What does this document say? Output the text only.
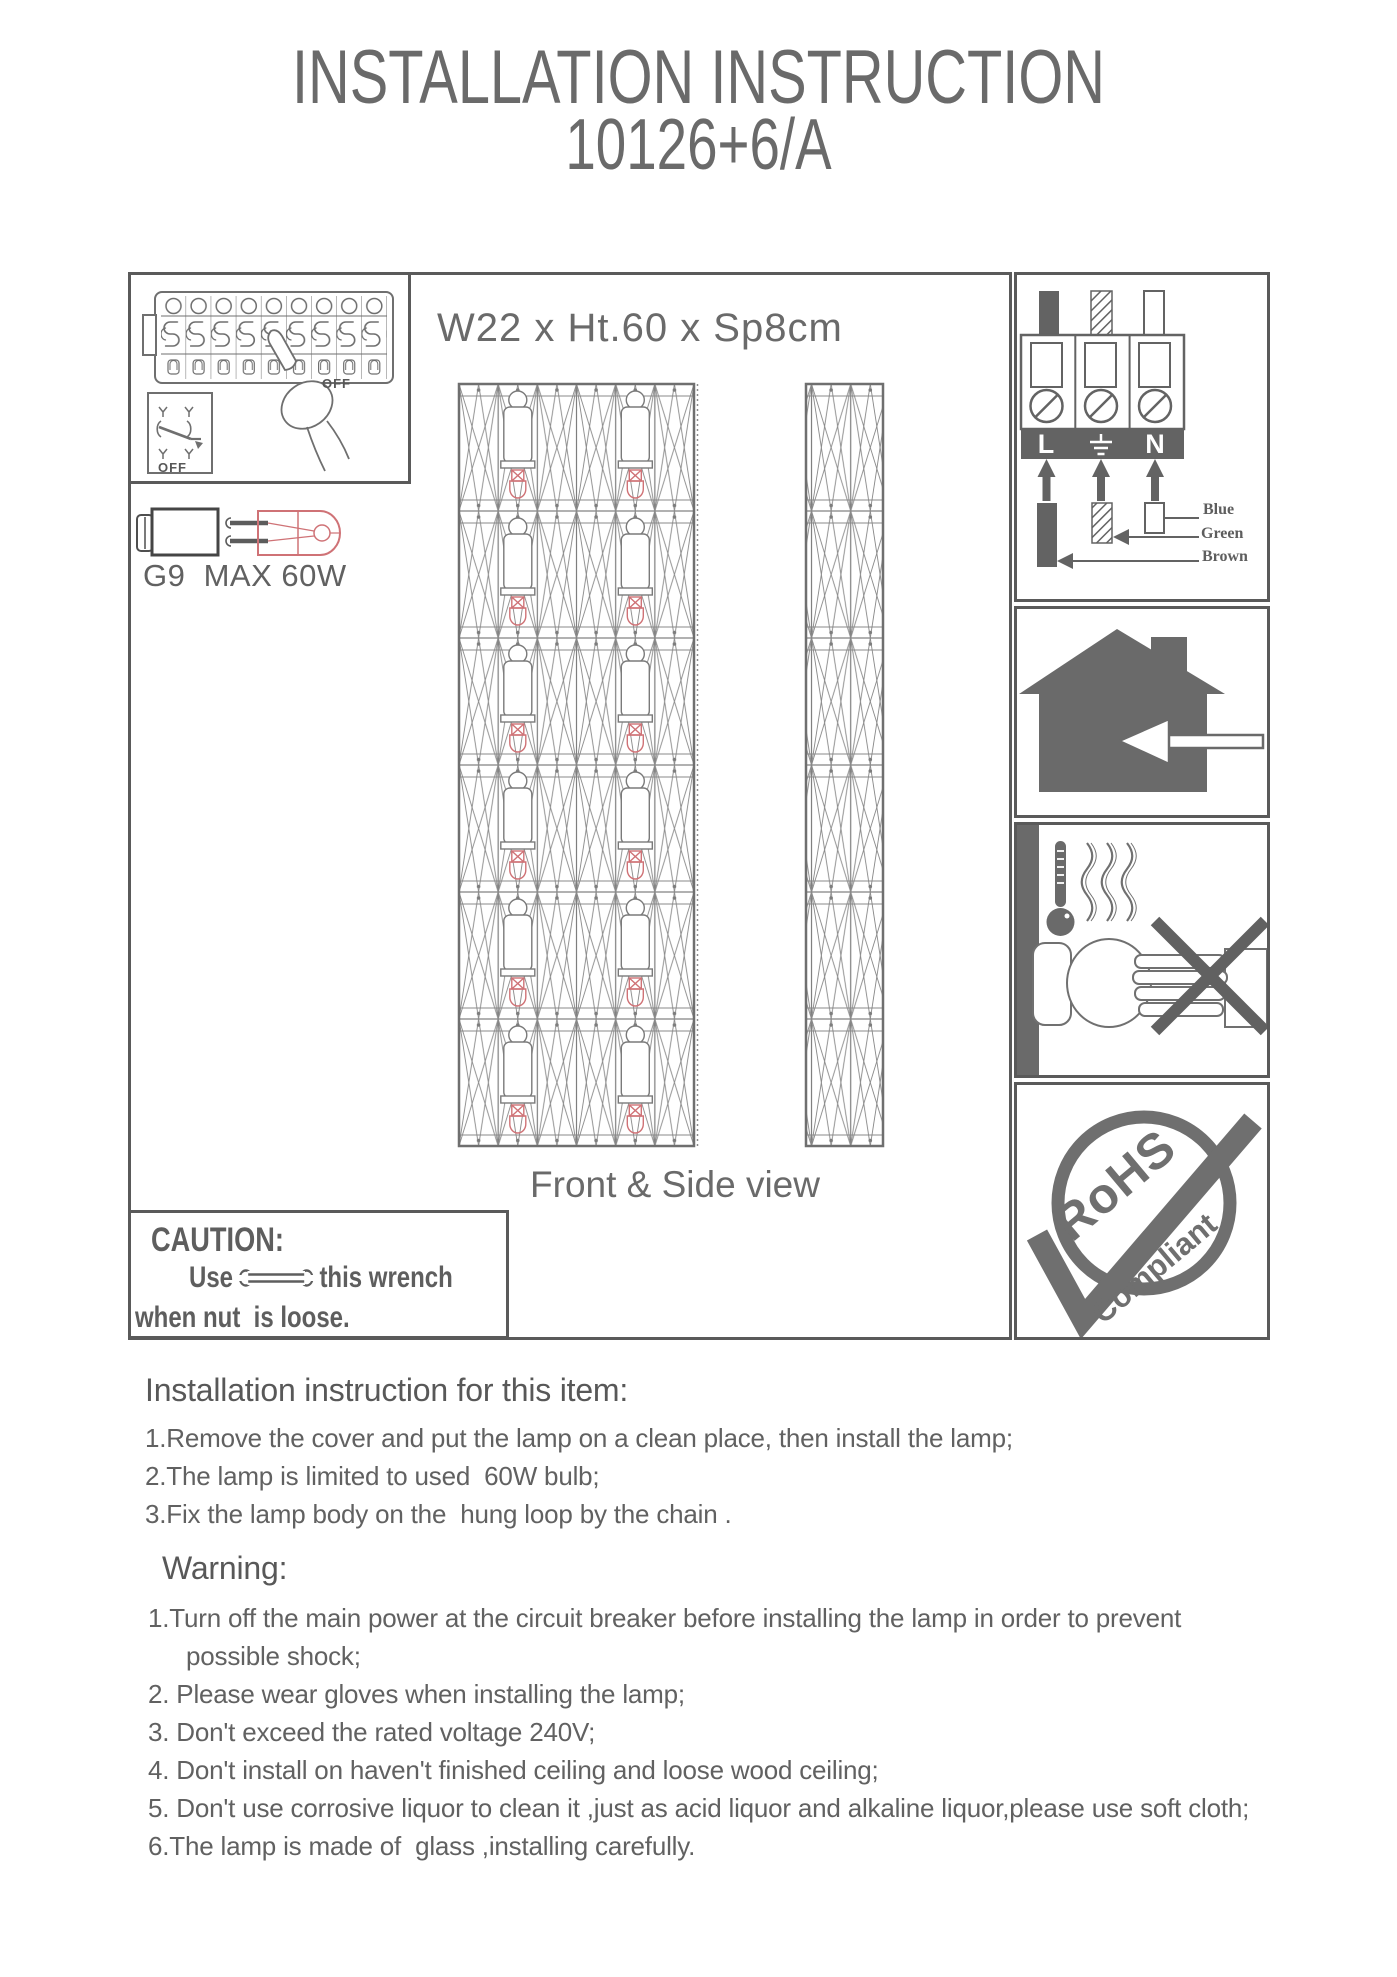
INSTALLATION INSTRUCTION
10126+6/A
OFF
OFF
G9  MAX 60W
W22 x Ht.60 x Sp8cm
Front & Side view
CAUTION:
Use	this wrench
when nut  is loose.
L	N
Blue
Green
Brown
RoHS
Compliant
Installation instruction for this item:
1.Remove the cover and put the lamp on a clean place, then install the lamp;
2.The lamp is limited to used  60W bulb;
3.Fix the lamp body on the  hung loop by the chain .
Warning:
1.Turn off the main power at the circuit breaker before installing the lamp in order to prevent
possible shock;
2. Please wear gloves when installing the lamp;
3. Don't exceed the rated voltage 240V;
4. Don't install on haven't finished ceiling and loose wood ceiling;
5. Don't use corrosive liquor to clean it ,just as acid liquor and alkaline liquor,please use soft cloth;
6.The lamp is made of  glass ,installing carefully.
